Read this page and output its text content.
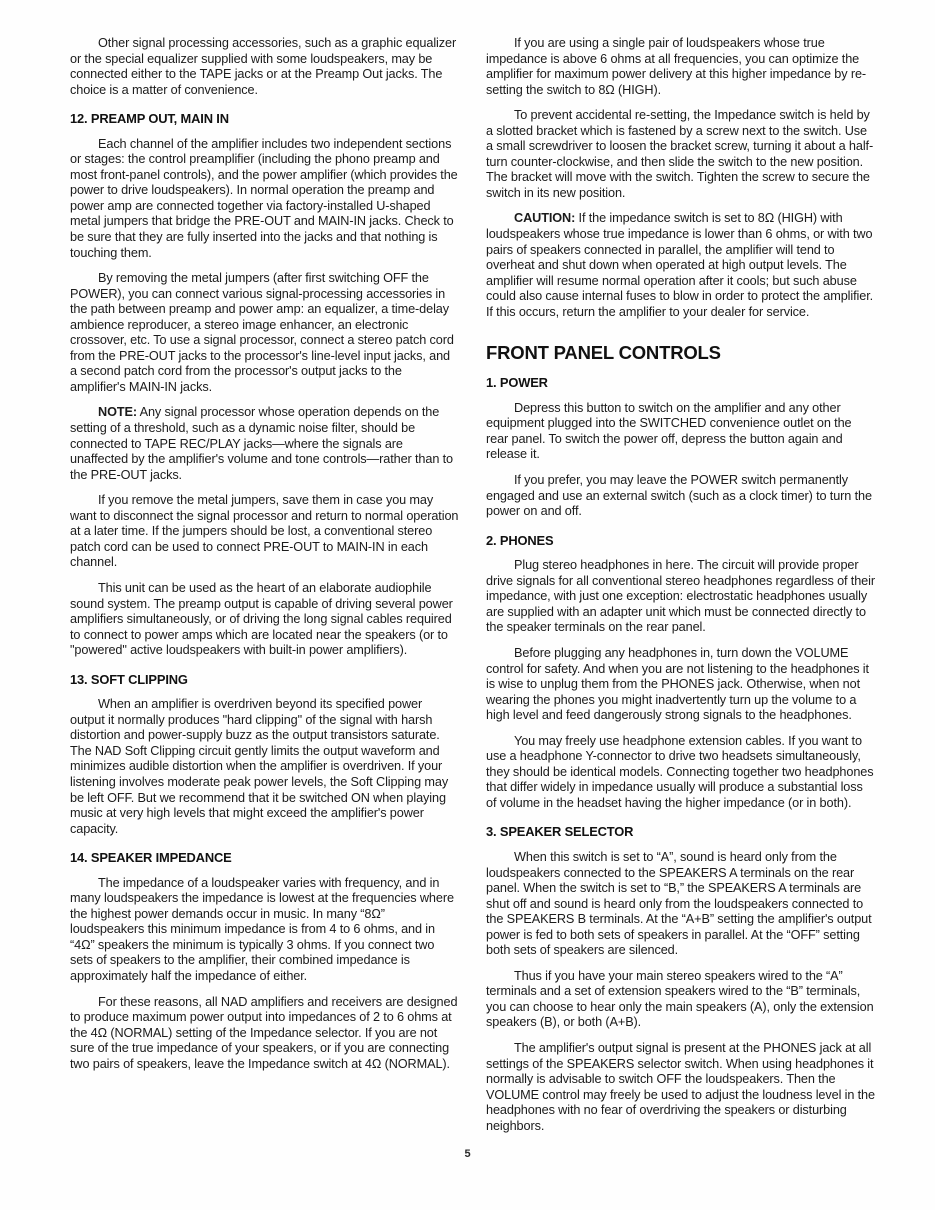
Other signal processing accessories, such as a graphic equalizer or the special equalizer supplied with some loudspeakers, may be connected either to the TAPE jacks or at the Preamp Out jacks. The choice is a matter of convenience.

12. PREAMP OUT, MAIN IN

Each channel of the amplifier includes two independent sections or stages: the control preamplifier (including the phono preamp and most front-panel controls), and the power amplifier (which provides the power to drive loudspeakers). In normal operation the preamp and power amp are connected together via factory-installed U-shaped metal jumpers that bridge the PRE-OUT and MAIN-IN jacks. Check to be sure that they are fully inserted into the jacks and that nothing is touching them.

By removing the metal jumpers (after first switching OFF the POWER), you can connect various signal-processing accessories in the path between preamp and power amp: an equalizer, a time-delay ambience reproducer, a stereo image enhancer, an electronic crossover, etc. To use a signal processor, connect a stereo patch cord from the PRE-OUT jacks to the processor's line-level input jacks, and a second patch cord from the processor's output jacks to the amplifier's MAIN-IN jacks.

NOTE: Any signal processor whose operation depends on the setting of a threshold, such as a dynamic noise filter, should be connected to TAPE REC/PLAY jacks—where the signals are unaffected by the amplifier's volume and tone controls—rather than to the PRE-OUT jacks.

If you remove the metal jumpers, save them in case you may want to disconnect the signal processor and return to normal operation at a later time. If the jumpers should be lost, a conventional stereo patch cord can be used to connect PRE-OUT to MAIN-IN in each channel.

This unit can be used as the heart of an elaborate audiophile sound system. The preamp output is capable of driving several power amplifiers simultaneously, or of driving the long signal cables required to connect to power amps which are located near the speakers (or to "powered" active loudspeakers with built-in power amplifiers).

13. SOFT CLIPPING

When an amplifier is overdriven beyond its specified power output it normally produces "hard clipping" of the signal with harsh distortion and power-supply buzz as the output transistors saturate. The NAD Soft Clipping circuit gently limits the output waveform and minimizes audible distortion when the amplifier is overdriven. If your listening involves moderate peak power levels, the Soft Clipping may be left OFF. But we recommend that it be switched ON when playing music at very high levels that might exceed the amplifier's power capacity.

14. SPEAKER IMPEDANCE

The impedance of a loudspeaker varies with frequency, and in many loudspeakers the impedance is lowest at the frequencies where the highest power demands occur in music. In many “8Ω” loudspeakers this minimum impedance is from 4 to 6 ohms, and in “4Ω” speakers the minimum is typically 3 ohms. If you connect two sets of speakers to the amplifier, their combined impedance is approximately half the impedance of either.

For these reasons, all NAD amplifiers and receivers are designed to produce maximum power output into impedances of 2 to 6 ohms at the 4Ω (NORMAL) setting of the Impedance selector. If you are not sure of the true impedance of your speakers, or if you are connecting two pairs of speakers, leave the Impedance switch at 4Ω (NORMAL).

If you are using a single pair of loudspeakers whose true impedance is above 6 ohms at all frequencies, you can optimize the amplifier for maximum power delivery at this higher impedance by re-setting the switch to 8Ω (HIGH).

To prevent accidental re-setting, the Impedance switch is held by a slotted bracket which is fastened by a screw next to the switch. Use a small screwdriver to loosen the bracket screw, turning it about a half-turn counter-clockwise, and then slide the switch to the new position. The bracket will move with the switch. Tighten the screw to secure the switch in its new position.

CAUTION: If the impedance switch is set to 8Ω (HIGH) with loudspeakers whose true impedance is lower than 6 ohms, or with two pairs of speakers connected in parallel, the amplifier will tend to overheat and shut down when operated at high output levels. The amplifier will resume normal operation after it cools; but such abuse could also cause internal fuses to blow in order to protect the amplifier. If this occurs, return the amplifier to your dealer for service.

FRONT PANEL CONTROLS
1. POWER

Depress this button to switch on the amplifier and any other equipment plugged into the SWITCHED convenience outlet on the rear panel. To switch the power off, depress the button again and release it.

If you prefer, you may leave the POWER switch permanently engaged and use an external switch (such as a clock timer) to turn the power on and off.

2. PHONES

Plug stereo headphones in here. The circuit will provide proper drive signals for all conventional stereo headphones regardless of their impedance, with just one exception: electrostatic headphones usually are supplied with an adapter unit which must be connected directly to the speaker terminals on the rear panel.

Before plugging any headphones in, turn down the VOLUME control for safety. And when you are not listening to the headphones it is wise to unplug them from the PHONES jack. Otherwise, when not wearing the phones you might inadvertently turn up the volume to a high level and feed dangerously strong signals to the headphones.

You may freely use headphone extension cables. If you want to use a headphone Y-connector to drive two headsets simultaneously, they should be identical models. Connecting together two headphones that differ widely in impedance usually will produce a substantial loss of volume in the headset having the higher impedance (or in both).

3. SPEAKER SELECTOR

When this switch is set to “A”, sound is heard only from the loudspeakers connected to the SPEAKERS A terminals on the rear panel. When the switch is set to “B,” the SPEAKERS A terminals are shut off and sound is heard only from the loudspeakers connected to the SPEAKERS B terminals. At the “A+B” setting the amplifier's output power is fed to both sets of speakers in parallel. At the “OFF” setting both sets of speakers are silenced.

Thus if you have your main stereo speakers wired to the “A” terminals and a set of extension speakers wired to the “B” terminals, you can choose to hear only the main speakers (A), only the extension speakers (B), or both (A+B).

The amplifier's output signal is present at the PHONES jack at all settings of the SPEAKERS selector switch. When using headphones it normally is advisable to switch OFF the loudspeakers. Then the VOLUME control may freely be used to adjust the loudness level in the headphones with no fear of overdriving the speakers or disturbing neighbors.

5
